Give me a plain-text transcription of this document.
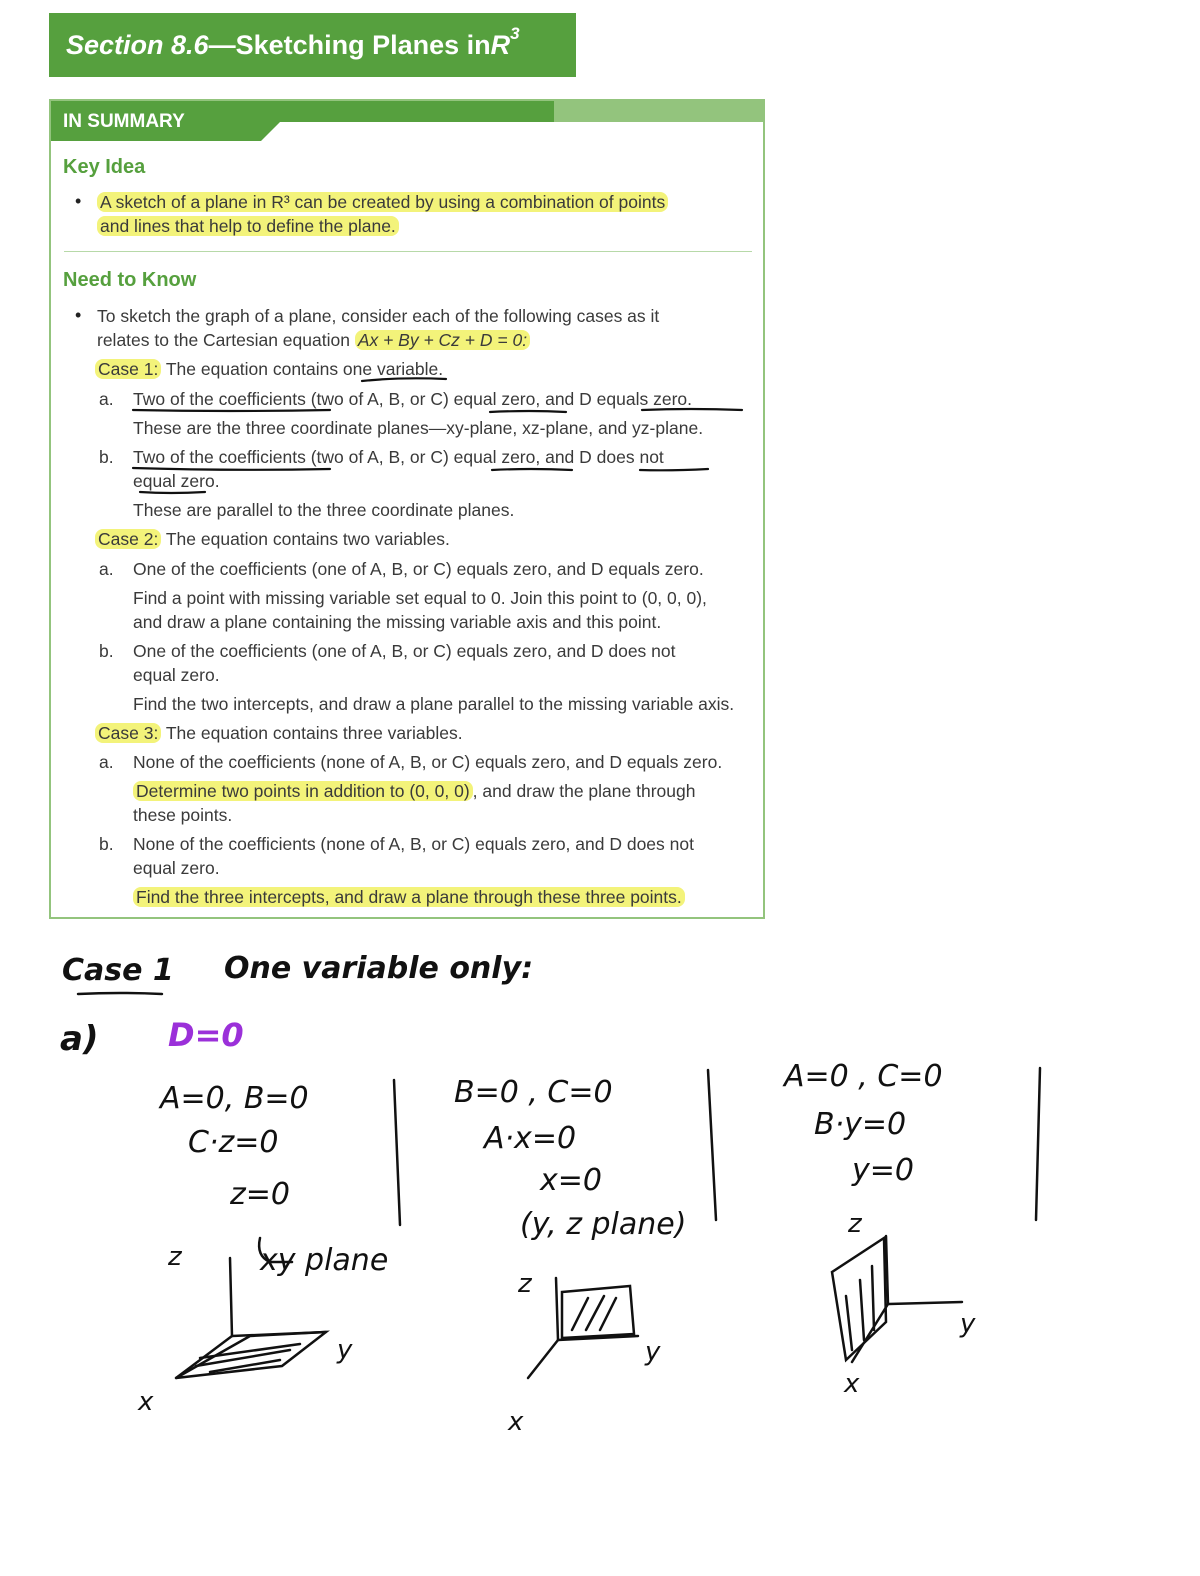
Section 8.6 —Sketching Planes in R 3
IN SUMMARY
Key Idea
• A sketch of a plane in R³ can be created by using a combination of points
and lines that help to define the plane.
Need to Know
• To sketch the graph of a plane, consider each of the following cases as it
relates to the Cartesian equation Ax + By + Cz + D = 0:
Case 1: The equation contains one variable.
a. Two of the coefficients (two of A, B, or C) equal zero, and D equals zero.
These are the three coordinate planes—xy-plane, xz-plane, and yz-plane.
b. Two of the coefficients (two of A, B, or C) equal zero, and D does not
equal zero.
These are parallel to the three coordinate planes.
Case 2: The equation contains two variables.
a. One of the coefficients (one of A, B, or C) equals zero, and D equals zero.
Find a point with missing variable set equal to 0. Join this point to (0, 0, 0),
and draw a plane containing the missing variable axis and this point.
b. One of the coefficients (one of A, B, or C) equals zero, and D does not
equal zero.
Find the two intercepts, and draw a plane parallel to the missing variable axis.
Case 3: The equation contains three variables.
a. None of the coefficients (none of A, B, or C) equals zero, and D equals zero.
Determine two points in addition to (0, 0, 0) , and draw the plane through
these points.
b. None of the coefficients (none of A, B, or C) equals zero, and D does not
equal zero.
Find the three intercepts, and draw a plane through these three points.
Case 1 One variable only:
a) D=0
A=0, B=0
C·z=0
z=0
xy plane
B=0 , C=0
A·x=0
x=0
(y, z plane)
A=0 , C=0
B·y=0
y=0
z
y
x
z
y
x
z
y
x
